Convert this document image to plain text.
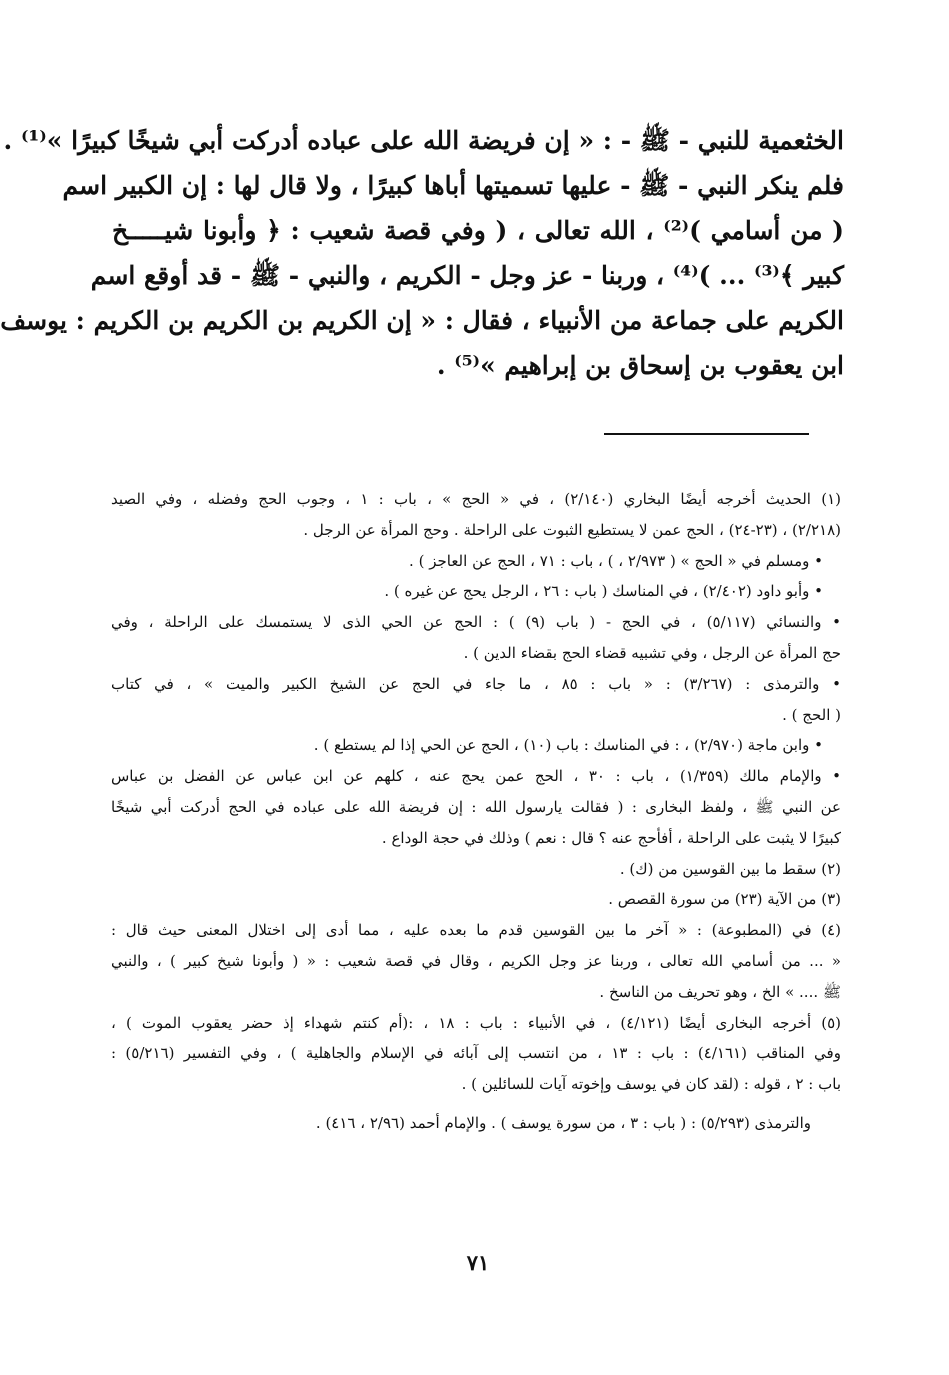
الخثعمية للنبي - ﷺ - : « إن فريضة الله على عباده أدركت أبي شيخًا كبيرًا »⁽¹⁾ .
فلم ينكر النبي - ﷺ - عليها تسميتها أباها كبيرًا ، ولا قال لها : إن الكبير اسم
( من أسامي )⁽²⁾ ، الله تعالى ، ( وفي قصة شعيب : ﴿ وأبونا شيـــــخ
كبير ﴾⁽³⁾ ... )⁽⁴⁾ ، وربنا - عز وجل - الكريم ، والنبي - ﷺ - قد أوقع اسم
الكريم على جماعة من الأنبياء ، فقال : « إن الكريم بن الكريم بن الكريم : يوسف
ابن يعقوب بن إسحاق بن إبراهيم »⁽⁵⁾ .
(١) الحديث أخرجه أيضًا البخاري (٢/١٤٠) ، في « الحج » ، باب : ١ ، وجوب الحج وفضله ، وفي الصيد
(٢/٢١٨) ، (٢٣-٢٤) ، الحج عمن لا يستطيع الثبوت على الراحلة . وحج المرأة عن الرجل .
• ومسلم في « الحج » ( ٢/٩٧٣ ، ) ، باب : ٧١ ، الحج عن العاجز ) .
• وأبو داود (٢/٤٠٢) ، في المناسك ( باب : ٢٦ ، الرجل يحج عن غيره ) .
• والنسائي (٥/١١٧) ، في الحج - ( باب (٩) ) : الحج عن الحي الذى لا يستمسك على الراحلة ، وفي
حج المرأة عن الرجل ، وفي تشبيه قضاء الحج بقضاء الدين ) .
• والترمذى : (٣/٢٦٧) : « باب : ٨٥ ، ما جاء في الحج عن الشيخ الكبير والميت » ، في كتاب
( الحج ) .
• وابن ماجة (٢/٩٧٠) ، : في المناسك : باب (١٠) ، الحج عن الحي إذا لم يستطع ) .
• والإمام مالك (١/٣٥٩) ، باب : ٣٠ ، الحج عمن يحج عنه ، كلهم عن ابن عباس عن الفضل بن عباس
عن النبي ﷺ ، ولفظ البخارى : ( فقالت يارسول الله : إن فريضة الله على عباده في الحج أدركت أبي شيخًا
كبيرًا لا يثبت على الراحلة ، أفأحج عنه ؟ قال : نعم ) وذلك في حجة الوداع .
(٢) سقط ما بين القوسين من (ك) .
(٣) من الآية (٢٣) من سورة القصص .
(٤) في (المطبوعة) : « آخر ما بين القوسين قدم ما بعده عليه ، مما أدى إلى اختلال المعنى حيث قال :
« ... من أسامي الله تعالى ، وربنا عز وجل الكريم ، وقال في قصة شعيب : « ( وأبونا شيخ كبير ) ، والنبي
ﷺ .... » الخ ، وهو تحريف من الناسخ .
(٥) أخرجه البخارى أيضًا (٤/١٢١) ، في الأنبياء : باب : ١٨ ، :(أم كنتم شهداء إذ حضر يعقوب الموت ) ،
وفي المناقب (٤/١٦١) : باب : ١٣ ، من انتسب إلى آبائه في الإسلام والجاهلية ) ، وفي التفسير (٥/٢١٦) :
باب : ٢ ، قوله : (لقد كان في يوسف وإخوته آيات للسائلين ) .
والترمذى (٥/٢٩٣) : ( باب : ٣ ، من سورة يوسف ) . والإمام أحمد (٢/٩٦ ، ٤١٦) .
٧١
